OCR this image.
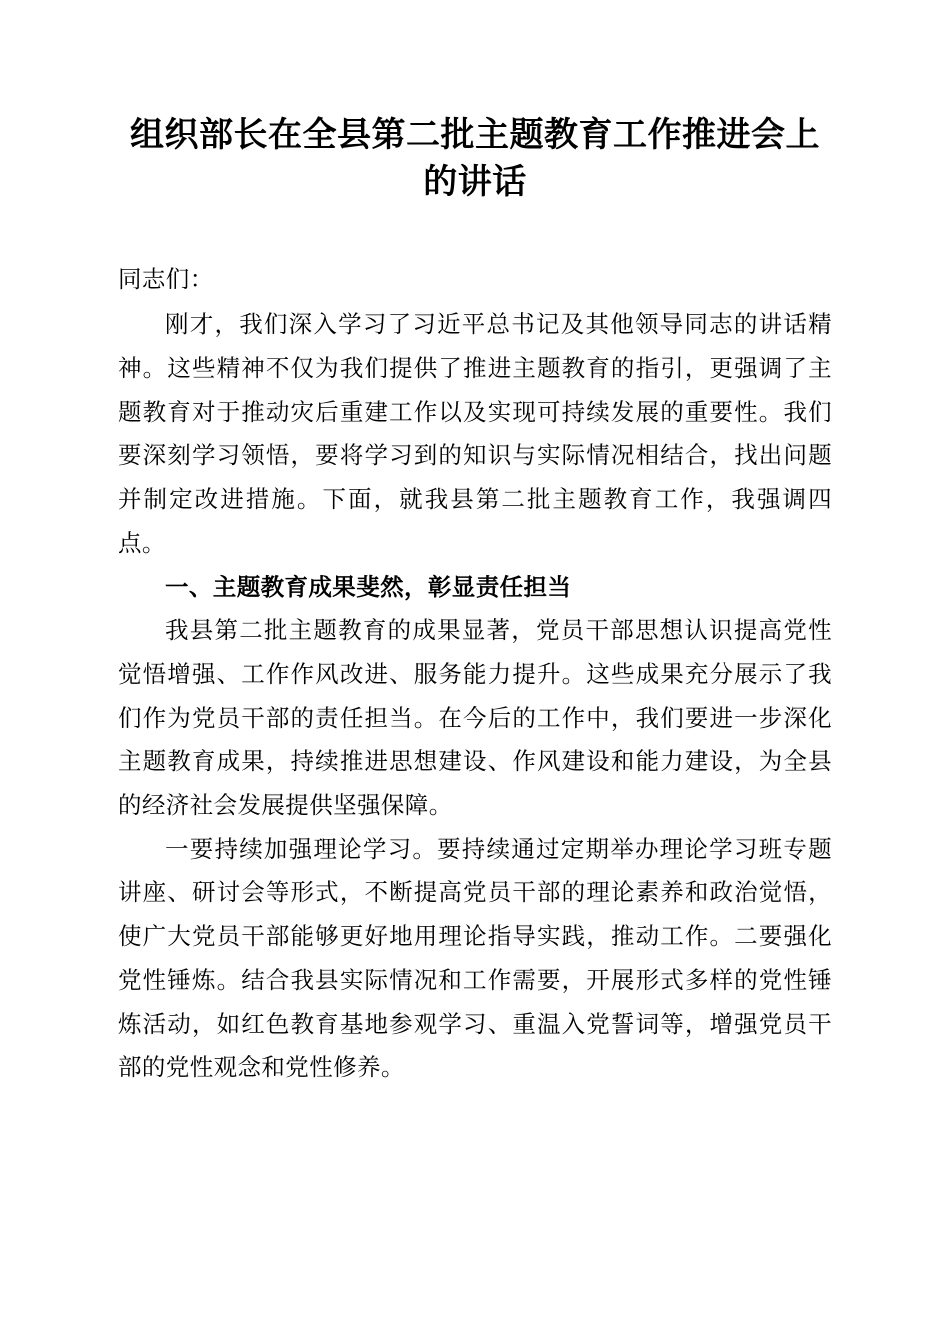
组织部长在全县第二批主题教育工作推进会上的讲话

同志们：

刚才，我们深入学习了习近平总书记及其他领导同志的讲话精神。这些精神不仅为我们提供了推进主题教育的指引，更强调了主题教育对于推动灾后重建工作以及实现可持续发展的重要性。我们要深刻学习领悟，要将学习到的知识与实际情况相结合，找出问题并制定改进措施。下面，就我县第二批主题教育工作，我强调四点。

一、主题教育成果斐然，彰显责任担当

我县第二批主题教育的成果显著，党员干部思想认识提高党性觉悟增强、工作作风改进、服务能力提升。这些成果充分展示了我们作为党员干部的责任担当。在今后的工作中，我们要进一步深化主题教育成果，持续推进思想建设、作风建设和能力建设，为全县的经济社会发展提供坚强保障。

一要持续加强理论学习。要持续通过定期举办理论学习班专题讲座、研讨会等形式，不断提高党员干部的理论素养和政治觉悟，使广大党员干部能够更好地用理论指导实践，推动工作。二要强化党性锤炼。结合我县实际情况和工作需要，开展形式多样的党性锤炼活动，如红色教育基地参观学习、重温入党誓词等，增强党员干部的党性观念和党性修养。
